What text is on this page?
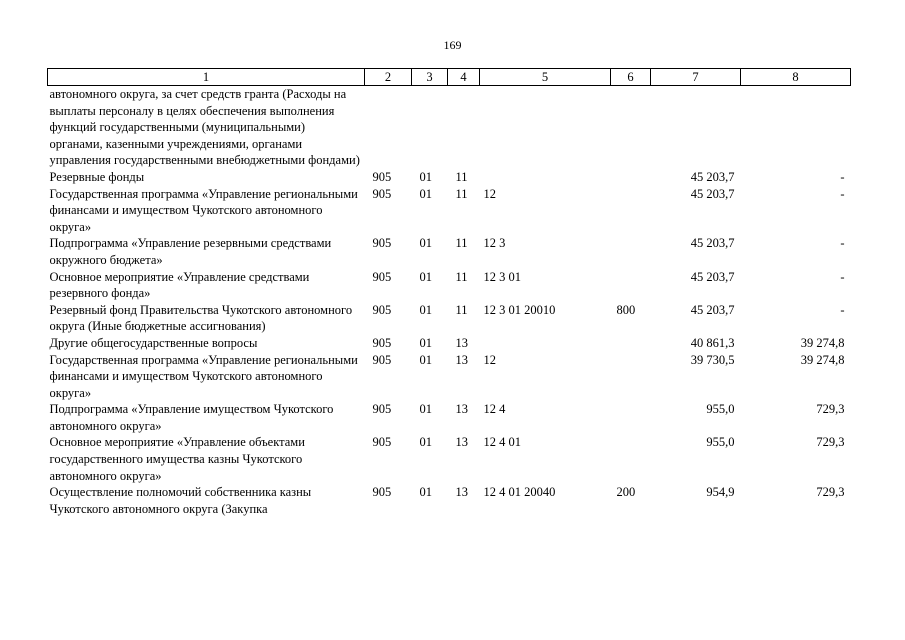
169
1	2	3	4	5	6	7	8
автономного округа, за счет средств гранта (Расходы на выплаты персоналу в целях обеспечения выполнения функций государственными (муниципальными) органами, казенными учреждениями, органами управления государственными внебюджетными фондами)							
Резервные фонды	905	01	11			45 203,7	-
Государственная программа «Управление региональными финансами и имуществом Чукотского автономного округа»	905	01	11	12		45 203,7	-
Подпрограмма «Управление резервными средствами окружного бюджета»	905	01	11	12 3		45 203,7	-
Основное мероприятие «Управление средствами резервного фонда»	905	01	11	12 3 01		45 203,7	-
Резервный фонд Правительства Чукотского автономного округа (Иные бюджетные ассигнования)	905	01	11	12 3 01 20010	800	45 203,7	-
Другие общегосударственные вопросы	905	01	13			40 861,3	39 274,8
Государственная программа «Управление региональными финансами и имуществом Чукотского автономного округа»	905	01	13	12		39 730,5	39 274,8
Подпрограмма «Управление имуществом Чукотского автономного округа»	905	01	13	12 4		955,0	729,3
Основное мероприятие «Управление объектами государственного имущества казны Чукотского автономного округа»	905	01	13	12 4 01		955,0	729,3
Осуществление полномочий собственника казны Чукотского автономного округа (Закупка	905	01	13	12 4 01 20040	200	954,9	729,3
